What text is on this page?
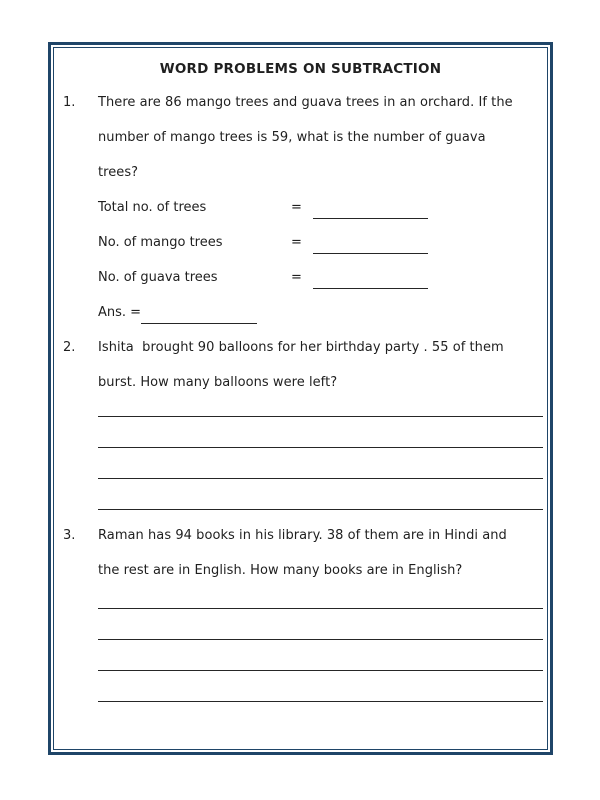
WORD PROBLEMS ON SUBTRACTION
1.	There are 86 mango trees and guava trees in an orchard. If the
number of mango trees is 59, what is the number of guava
trees?
Total no. of trees	=
No. of mango trees	=
No. of guava trees	=
Ans. =
2.	Ishita  brought 90 balloons for her birthday party . 55 of them
burst. How many balloons were left?
3.	Raman has 94 books in his library. 38 of them are in Hindi and
the rest are in English. How many books are in English?
